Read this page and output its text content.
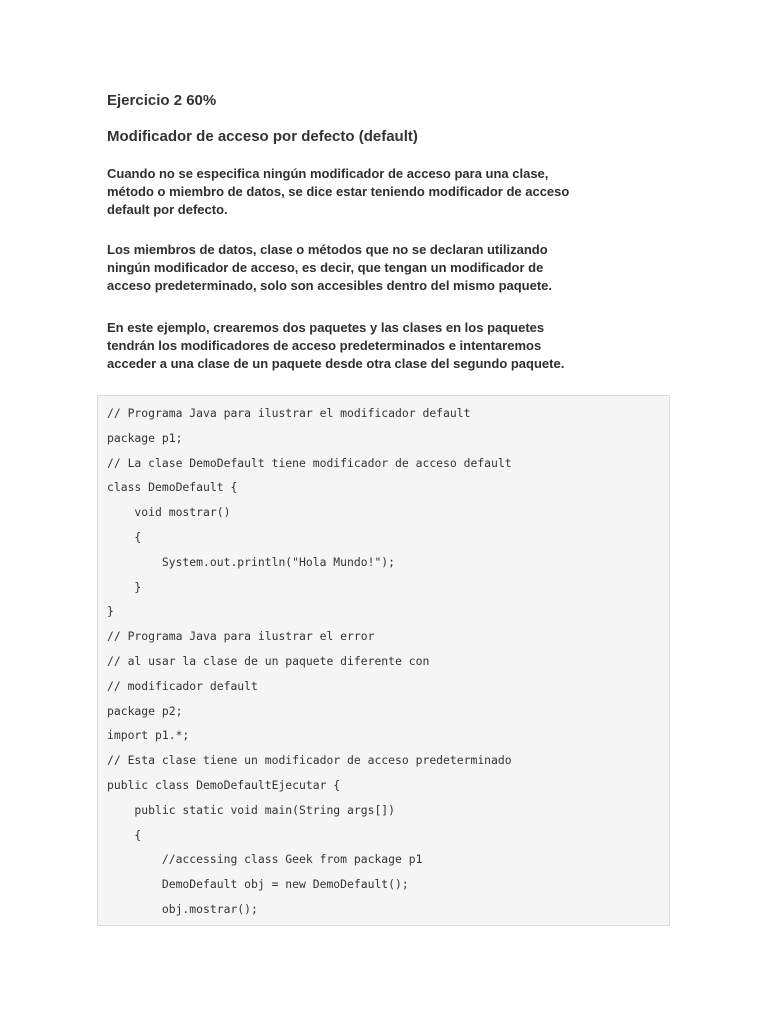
Ejercicio 2 60%
Modificador de acceso por defecto (default)

Cuando no se especifica ningún modificador de acceso para una clase,
método o miembro de datos, se dice estar teniendo modificador de acceso
default por defecto.

Los miembros de datos, clase o métodos que no se declaran utilizando
ningún modificador de acceso, es decir, que tengan un modificador de
acceso predeterminado, solo son accesibles dentro del mismo paquete.

En este ejemplo, crearemos dos paquetes y las clases en los paquetes
tendrán los modificadores de acceso predeterminados e intentaremos
acceder a una clase de un paquete desde otra clase del segundo paquete.

// Programa Java para ilustrar el modificador default
package p1;
// La clase DemoDefault tiene modificador de acceso default
class DemoDefault {
void mostrar()
{
System.out.println("Hola Mundo!");
}
}
// Programa Java para ilustrar el error
// al usar la clase de un paquete diferente con
// modificador default
package p2;
import p1.*;
// Esta clase tiene un modificador de acceso predeterminado
public class DemoDefaultEjecutar {
public static void main(String args[])
{
//accessing class Geek from package p1
DemoDefault obj = new DemoDefault();
obj.mostrar();
